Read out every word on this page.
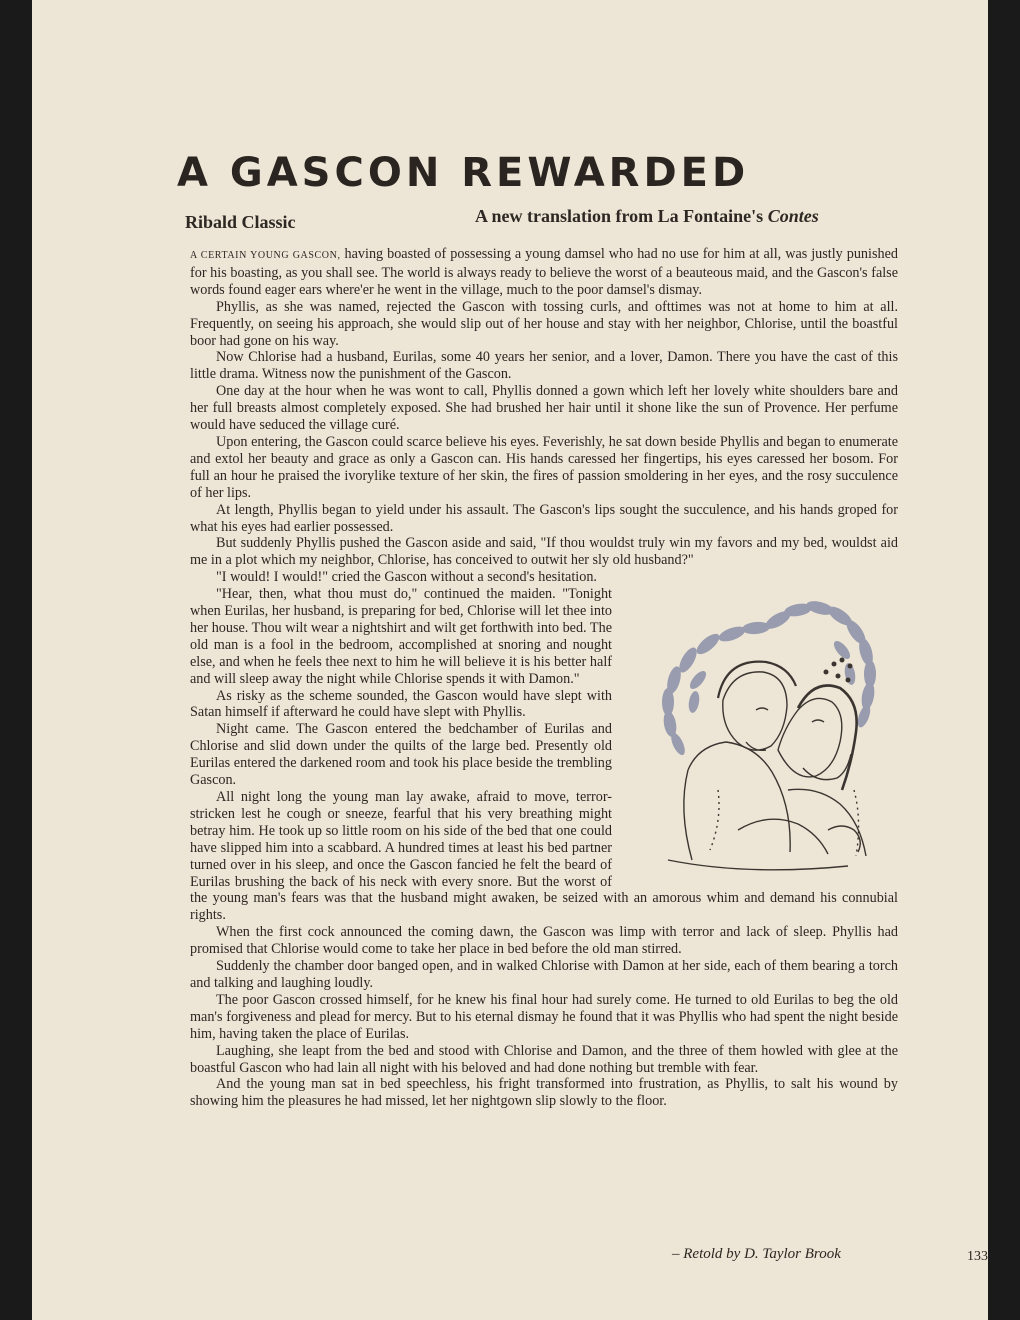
A GASCON REWARDED
Ribald Classic	A new translation from La Fontaine's Contes

A CERTAIN YOUNG GASCON, having boasted of possessing a young damsel who had no use for him at all, was justly punished for his boasting, as you shall see. The world is always ready to believe the worst of a beauteous maid, and the Gascon's false words found eager ears where'er he went in the village, much to the poor damsel's dismay.

Phyllis, as she was named, rejected the Gascon with tossing curls, and ofttimes was not at home to him at all. Frequently, on seeing his approach, she would slip out of her house and stay with her neighbor, Chlorise, until the boastful boor had gone on his way.

Now Chlorise had a husband, Eurilas, some 40 years her senior, and a lover, Damon. There you have the cast of this little drama. Witness now the punishment of the Gascon.

One day at the hour when he was wont to call, Phyllis donned a gown which left her lovely white shoulders bare and her full breasts almost completely exposed. She had brushed her hair until it shone like the sun of Provence. Her perfume would have seduced the village curé.

Upon entering, the Gascon could scarce believe his eyes. Feverishly, he sat down beside Phyllis and began to enumerate and extol her beauty and grace as only a Gascon can. His hands caressed her fingertips, his eyes caressed her bosom. For full an hour he praised the ivorylike texture of her skin, the fires of passion smoldering in her eyes, and the rosy succulence of her lips.

At length, Phyllis began to yield under his assault. The Gascon's lips sought the succulence, and his hands groped for what his eyes had earlier possessed.

But suddenly Phyllis pushed the Gascon aside and said, "If thou wouldst truly win my favors and my bed, wouldst aid me in a plot which my neighbor, Chlorise, has conceived to outwit her sly old husband?"

"I would! I would!" cried the Gascon without a second's hesitation.

"Hear, then, what thou must do," continued the maiden. "Tonight when Eurilas, her husband, is preparing for bed, Chlorise will let thee into her house. Thou wilt wear a nightshirt and wilt get forthwith into bed. The old man is a fool in the bedroom, accomplished at snoring and nought else, and when he feels thee next to him he will believe it is his better half and will sleep away the night while Chlorise spends it with Damon."

As risky as the scheme sounded, the Gascon would have slept with Satan himself if afterward he could have slept with Phyllis.

Night came. The Gascon entered the bedchamber of Eurilas and Chlorise and slid down under the quilts of the large bed. Presently old Eurilas entered the darkened room and took his place beside the trembling Gascon.

All night long the young man lay awake, afraid to move, terror-stricken lest he cough or sneeze, fearful that his very breathing might betray him. He took up so little room on his side of the bed that one could have slipped him into a scabbard. A hundred times at least his bed partner turned over in his sleep, and once the Gascon fancied he felt the beard of Eurilas brushing the back of his neck with every snore. But the worst of the young man's fears was that the husband might awaken, be seized with an amorous whim and demand his connubial rights.

When the first cock announced the coming dawn, the Gascon was limp with terror and lack of sleep. Phyllis had promised that Chlorise would come to take her place in bed before the old man stirred.

Suddenly the chamber door banged open, and in walked Chlorise with Damon at her side, each of them bearing a torch and talking and laughing loudly.

The poor Gascon crossed himself, for he knew his final hour had surely come. He turned to old Eurilas to beg the old man's forgiveness and plead for mercy. But to his eternal dismay he found that it was Phyllis who had spent the night beside him, having taken the place of Eurilas.

Laughing, she leapt from the bed and stood with Chlorise and Damon, and the three of them howled with glee at the boastful Gascon who had lain all night with his beloved and had done nothing but tremble with fear.

And the young man sat in bed speechless, his fright transformed into frustration, as Phyllis, to salt his wound by showing him the pleasures he had missed, let her nightgown slip slowly to the floor.

– Retold by D. Taylor Brook	133
